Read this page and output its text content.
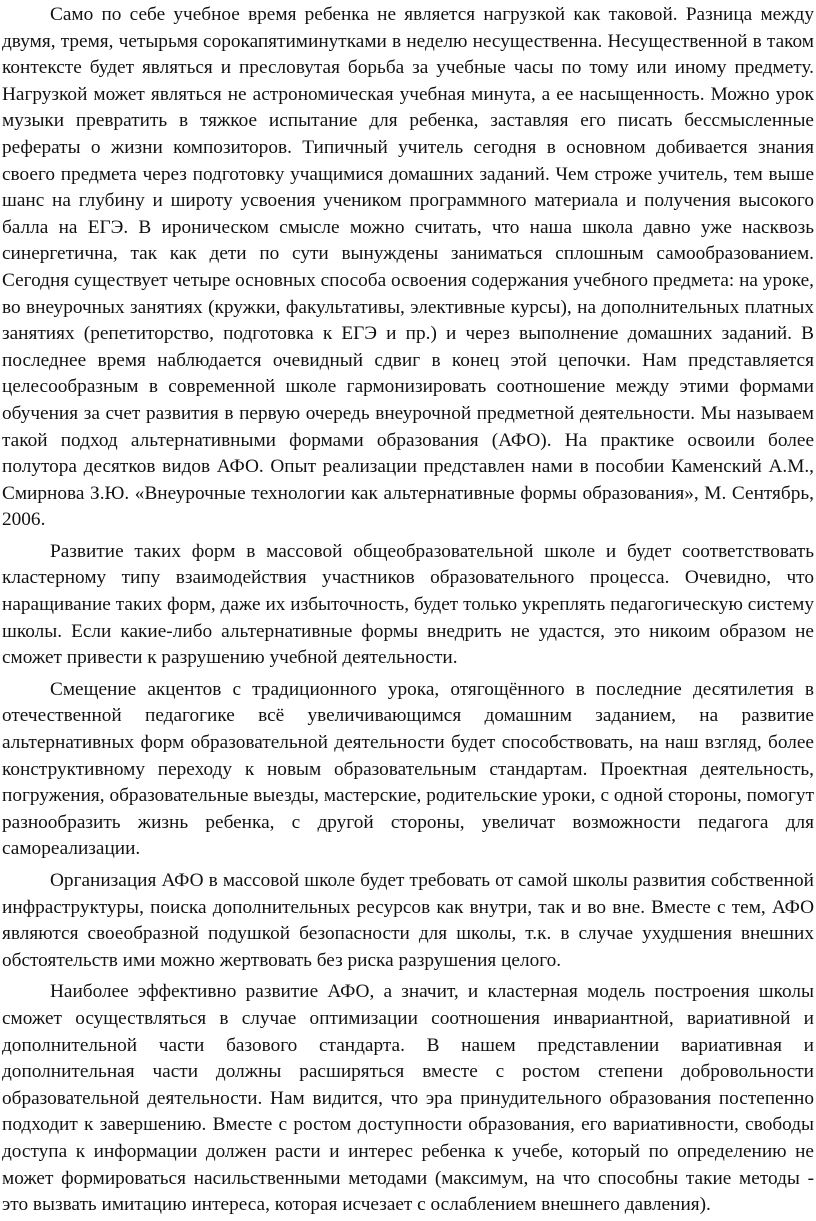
Само по себе учебное время ребенка не является нагрузкой как таковой. Разница между двумя, тремя, четырьмя сорокапятиминутками в неделю несущественна. Несущественной в таком контексте будет являться и пресловутая борьба за учебные часы по тому или иному предмету. Нагрузкой может являться не астрономическая учебная минута, а ее насыщенность. Можно урок музыки превратить в тяжкое испытание для ребенка, заставляя его писать бессмысленные рефераты о жизни композиторов. Типичный учитель сегодня в основном добивается знания своего предмета через подготовку учащимися домашних заданий. Чем строже учитель, тем выше шанс на глубину и широту усвоения учеником программного материала и получения высокого балла на ЕГЭ. В ироническом смысле можно считать, что наша школа давно уже насквозь синергетична, так как дети по сути вынуждены заниматься сплошным самообразованием. Сегодня существует четыре основных способа освоения содержания учебного предмета: на уроке, во внеурочных занятиях (кружки, факультативы, элективные курсы), на дополнительных платных занятиях (репетиторство, подготовка к ЕГЭ и пр.) и через выполнение домашних заданий. В последнее время наблюдается очевидный сдвиг в конец этой цепочки. Нам представляется целесообразным в современной школе гармонизировать соотношение между этими формами обучения за счет развития в первую очередь внеурочной предметной деятельности. Мы называем такой подход альтернативными формами образования (АФО). На практике освоили более полутора десятков видов АФО. Опыт реализации представлен нами в пособии Каменский А.М., Смирнова З.Ю. «Внеурочные технологии как альтернативные формы образования», М. Сентябрь, 2006.

Развитие таких форм в массовой общеобразовательной школе и будет соответствовать кластерному типу взаимодействия участников образовательного процесса. Очевидно, что наращивание таких форм, даже их избыточность, будет только укреплять педагогическую систему школы. Если какие-либо альтернативные формы внедрить не удастся, это никоим образом не сможет привести к разрушению учебной деятельности.

Смещение акцентов с традиционного урока, отягощённого в последние десятилетия в отечественной педагогике всё увеличивающимся домашним заданием, на развитие альтернативных форм образовательной деятельности будет способствовать, на наш взгляд, более конструктивному переходу к новым образовательным стандартам. Проектная деятельность, погружения, образовательные выезды, мастерские, родительские уроки, с одной стороны, помогут разнообразить жизнь ребенка, с другой стороны, увеличат возможности педагога для самореализации.

Организация АФО в массовой школе будет требовать от самой школы развития собственной инфраструктуры, поиска дополнительных ресурсов как внутри, так и во вне. Вместе с тем, АФО являются своеобразной подушкой безопасности для школы, т.к. в случае ухудшения внешних обстоятельств ими можно жертвовать без риска разрушения целого.

Наиболее эффективно развитие АФО, а значит, и кластерная модель построения школы сможет осуществляться в случае оптимизации соотношения инвариантной, вариативной и дополнительной части базового стандарта. В нашем представлении вариативная и дополнительная части должны расширяться вместе с ростом степени добровольности образовательной деятельности. Нам видится, что эра принудительного образования постепенно подходит к завершению. Вместе с ростом доступности образования, его вариативности, свободы доступа к информации должен расти и интерес ребенка к учебе, который по определению не может формироваться насильственными методами (максимум, на что способны такие методы - это вызвать имитацию интереса, которая исчезает с ослаблением внешнего давления).
